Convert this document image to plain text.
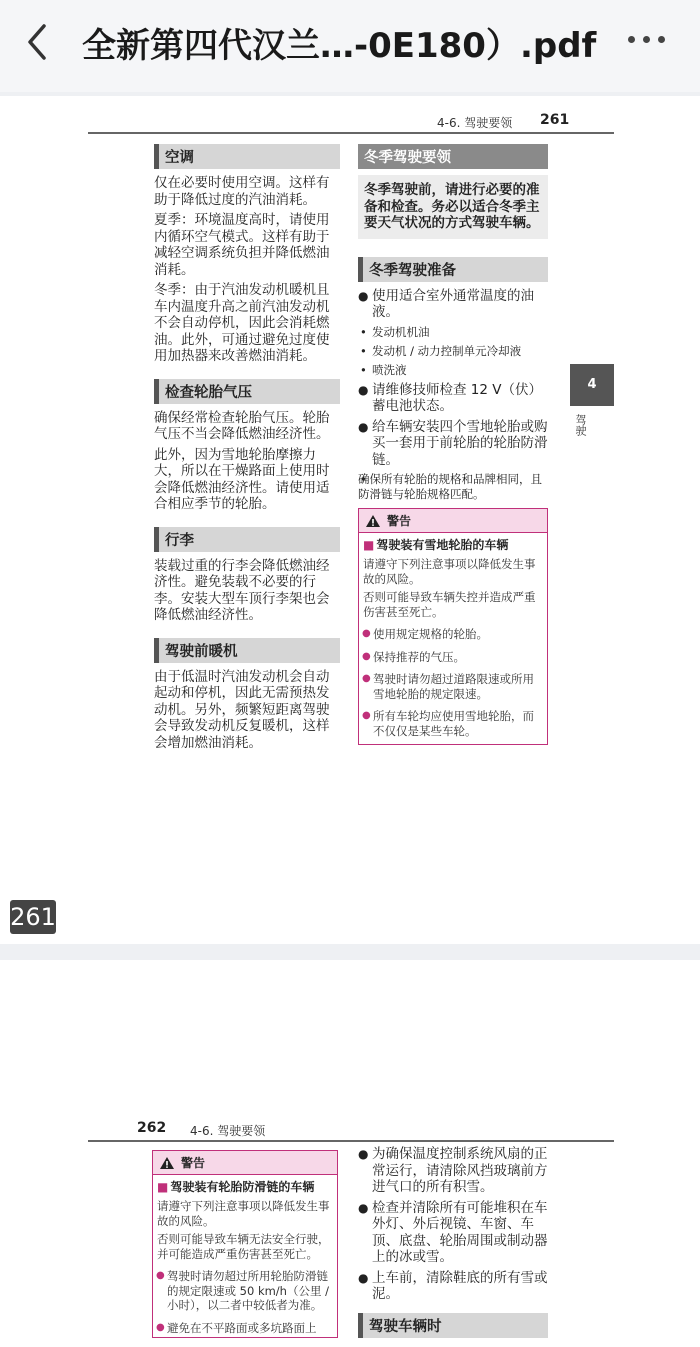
全新第四代汉兰…-0E180）.pdf
4-6. 驾驶要领 261
空调

仅在必要时使用空调。这样有助于降低过度的汽油消耗。

夏季：环境温度高时，请使用内循环空气模式。这样有助于减轻空调系统负担并降低燃油消耗。

冬季：由于汽油发动机暖机且车内温度升高之前汽油发动机不会自动停机，因此会消耗燃油。此外，可通过避免过度使用加热器来改善燃油消耗。

检查轮胎气压

确保经常检查轮胎气压。轮胎气压不当会降低燃油经济性。

此外，因为雪地轮胎摩擦力大，所以在干燥路面上使用时会降低燃油经济性。请使用适合相应季节的轮胎。

行李

装载过重的行李会降低燃油经济性。避免装载不必要的行李。安装大型车顶行李架也会降低燃油经济性。

驾驶前暖机

由于低温时汽油发动机会自动起动和停机，因此无需预热发动机。另外，频繁短距离驾驶会导致发动机反复暖机，这样会增加燃油消耗。

冬季驾驶要领
冬季驾驶前，请进行必要的准备和检查。务必以适合冬季主要天气状况的方式驾驶车辆。
冬季驾驶准备
● 使用适合室外通常温度的油液。
• 发动机机油
• 发动机 / 动力控制单元冷却液
• 喷洗液
● 请维修技师检查 12 V（伏）蓄电池状态。
● 给车辆安装四个雪地轮胎或购买一套用于前轮胎的轮胎防滑链。
• 确保所有轮胎的规格和品牌相同，且防滑链与轮胎规格匹配。
警告
■ 驾驶装有雪地轮胎的车辆
请遵守下列注意事项以降低发生事故的风险。
否则可能导致车辆失控并造成严重伤害甚至死亡。
● 使用规定规格的轮胎。
● 保持推荐的气压。
● 驾驶时请勿超过道路限速或所用雪地轮胎的规定限速。
● 所有车轮均应使用雪地轮胎，而不仅仅是某些车轮。
4
驾驶
261
262 4-6. 驾驶要领
警告
■ 驾驶装有轮胎防滑链的车辆
请遵守下列注意事项以降低发生事故的风险。
否则可能导致车辆无法安全行驶，并可能造成严重伤害甚至死亡。
● 驾驶时请勿超过所用轮胎防滑链的规定限速或 50 km/h（公里 / 小时），以二者中较低者为准。
● 避免在不平路面或多坑路面上
● 为确保温度控制系统风扇的正常运行，请清除风挡玻璃前方进气口的所有积雪。
● 检查并清除所有可能堆积在车外灯、外后视镜、车窗、车顶、底盘、轮胎周围或制动器上的冰或雪。
● 上车前，清除鞋底的所有雪或泥。
驾驶车辆时
